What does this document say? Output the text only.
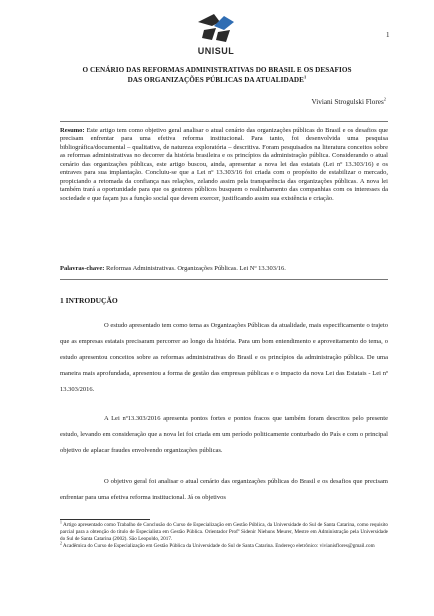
UNISUL
1
O CENÁRIO DAS REFORMAS ADMINISTRATIVAS DO BRASIL E OS DESAFIOS
DAS ORGANIZAÇÕES PÚBLICAS DA ATUALIDADE$^1$
Viviani Strogulski Flores$^2$
Resumo: Este artigo tem como objetivo geral analisar o atual cenário das organizações públicas do Brasil e os desafios que precisam enfrentar para uma efetiva reforma institucional. Para tanto, foi desenvolvida uma pesquisa bibliográfica/documental – qualitativa, de natureza exploratória – descritiva. Foram pesquisados na literatura conceitos sobre as reformas administrativas no decorrer da história brasileira e os princípios da administração pública. Considerando o atual cenário das organizações públicas, este artigo buscou, ainda, apresentar a nova lei das estatais (Lei nº 13.303/16) e os entraves para sua implantação. Concluiu-se que a Lei nº 13.303/16 foi criada com o propósito de estabilizar o mercado, propiciando a retomada da confiança nas relações, zelando assim pela transparência das organizações públicas. A nova lei também trará a oportunidade para que os gestores públicos busquem o realinhamento das companhias com os interesses da sociedade e que façam jus a função social que devem exercer, justificando assim sua existência e criação.
Palavras-chave: Reformas Administrativas. Organizações Públicas. Lei Nº 13.303/16.
1 INTRODUÇÃO
O estudo apresentado tem como tema as Organizações Públicas da atualidade, mais especificamente o trajeto que as empresas estatais precisaram percorrer ao longo da história. Para um bom entendimento e aproveitamento do tema, o estudo apresentou conceitos sobre as reformas administrativas do Brasil e os princípios da administração pública. De uma maneira mais aprofundada, apresentou a forma de gestão das empresas públicas e o impacto da nova Lei das Estatais - Lei nº 13.303/2016.
A Lei nº13.303/2016 apresenta pontos fortes e pontos fracos que também foram descritos pelo presente estudo, levando em consideração que a nova lei foi criada em um período politicamente conturbado do País e com o principal objetivo de aplacar fraudes envolvendo organizações públicas.
O objetivo geral foi analisar o atual cenário das organizações públicas do Brasil e os desafios que precisam enfrentar para uma efetiva reforma institucional. Já os objetivos
$^1$ Artigo apresentado como Trabalho de Conclusão do Curso de Especialização em Gestão Pública, da Universidade do Sul de Santa Catarina, como requisito parcial para a obtenção do título de Especialista em Gestão Pública. Orientador Profº Sidenir Niehuns Meurer, Mestre em Administração pela Universidade do Sul de Santa Catarina (2002). São Leopoldo, 2017.
$^2$ Acadêmica do Curso de Especialização em Gestão Pública da Universidade do Sul de Santa Catarina. Endereço eletrônico: vivianisflores@gmail.com
